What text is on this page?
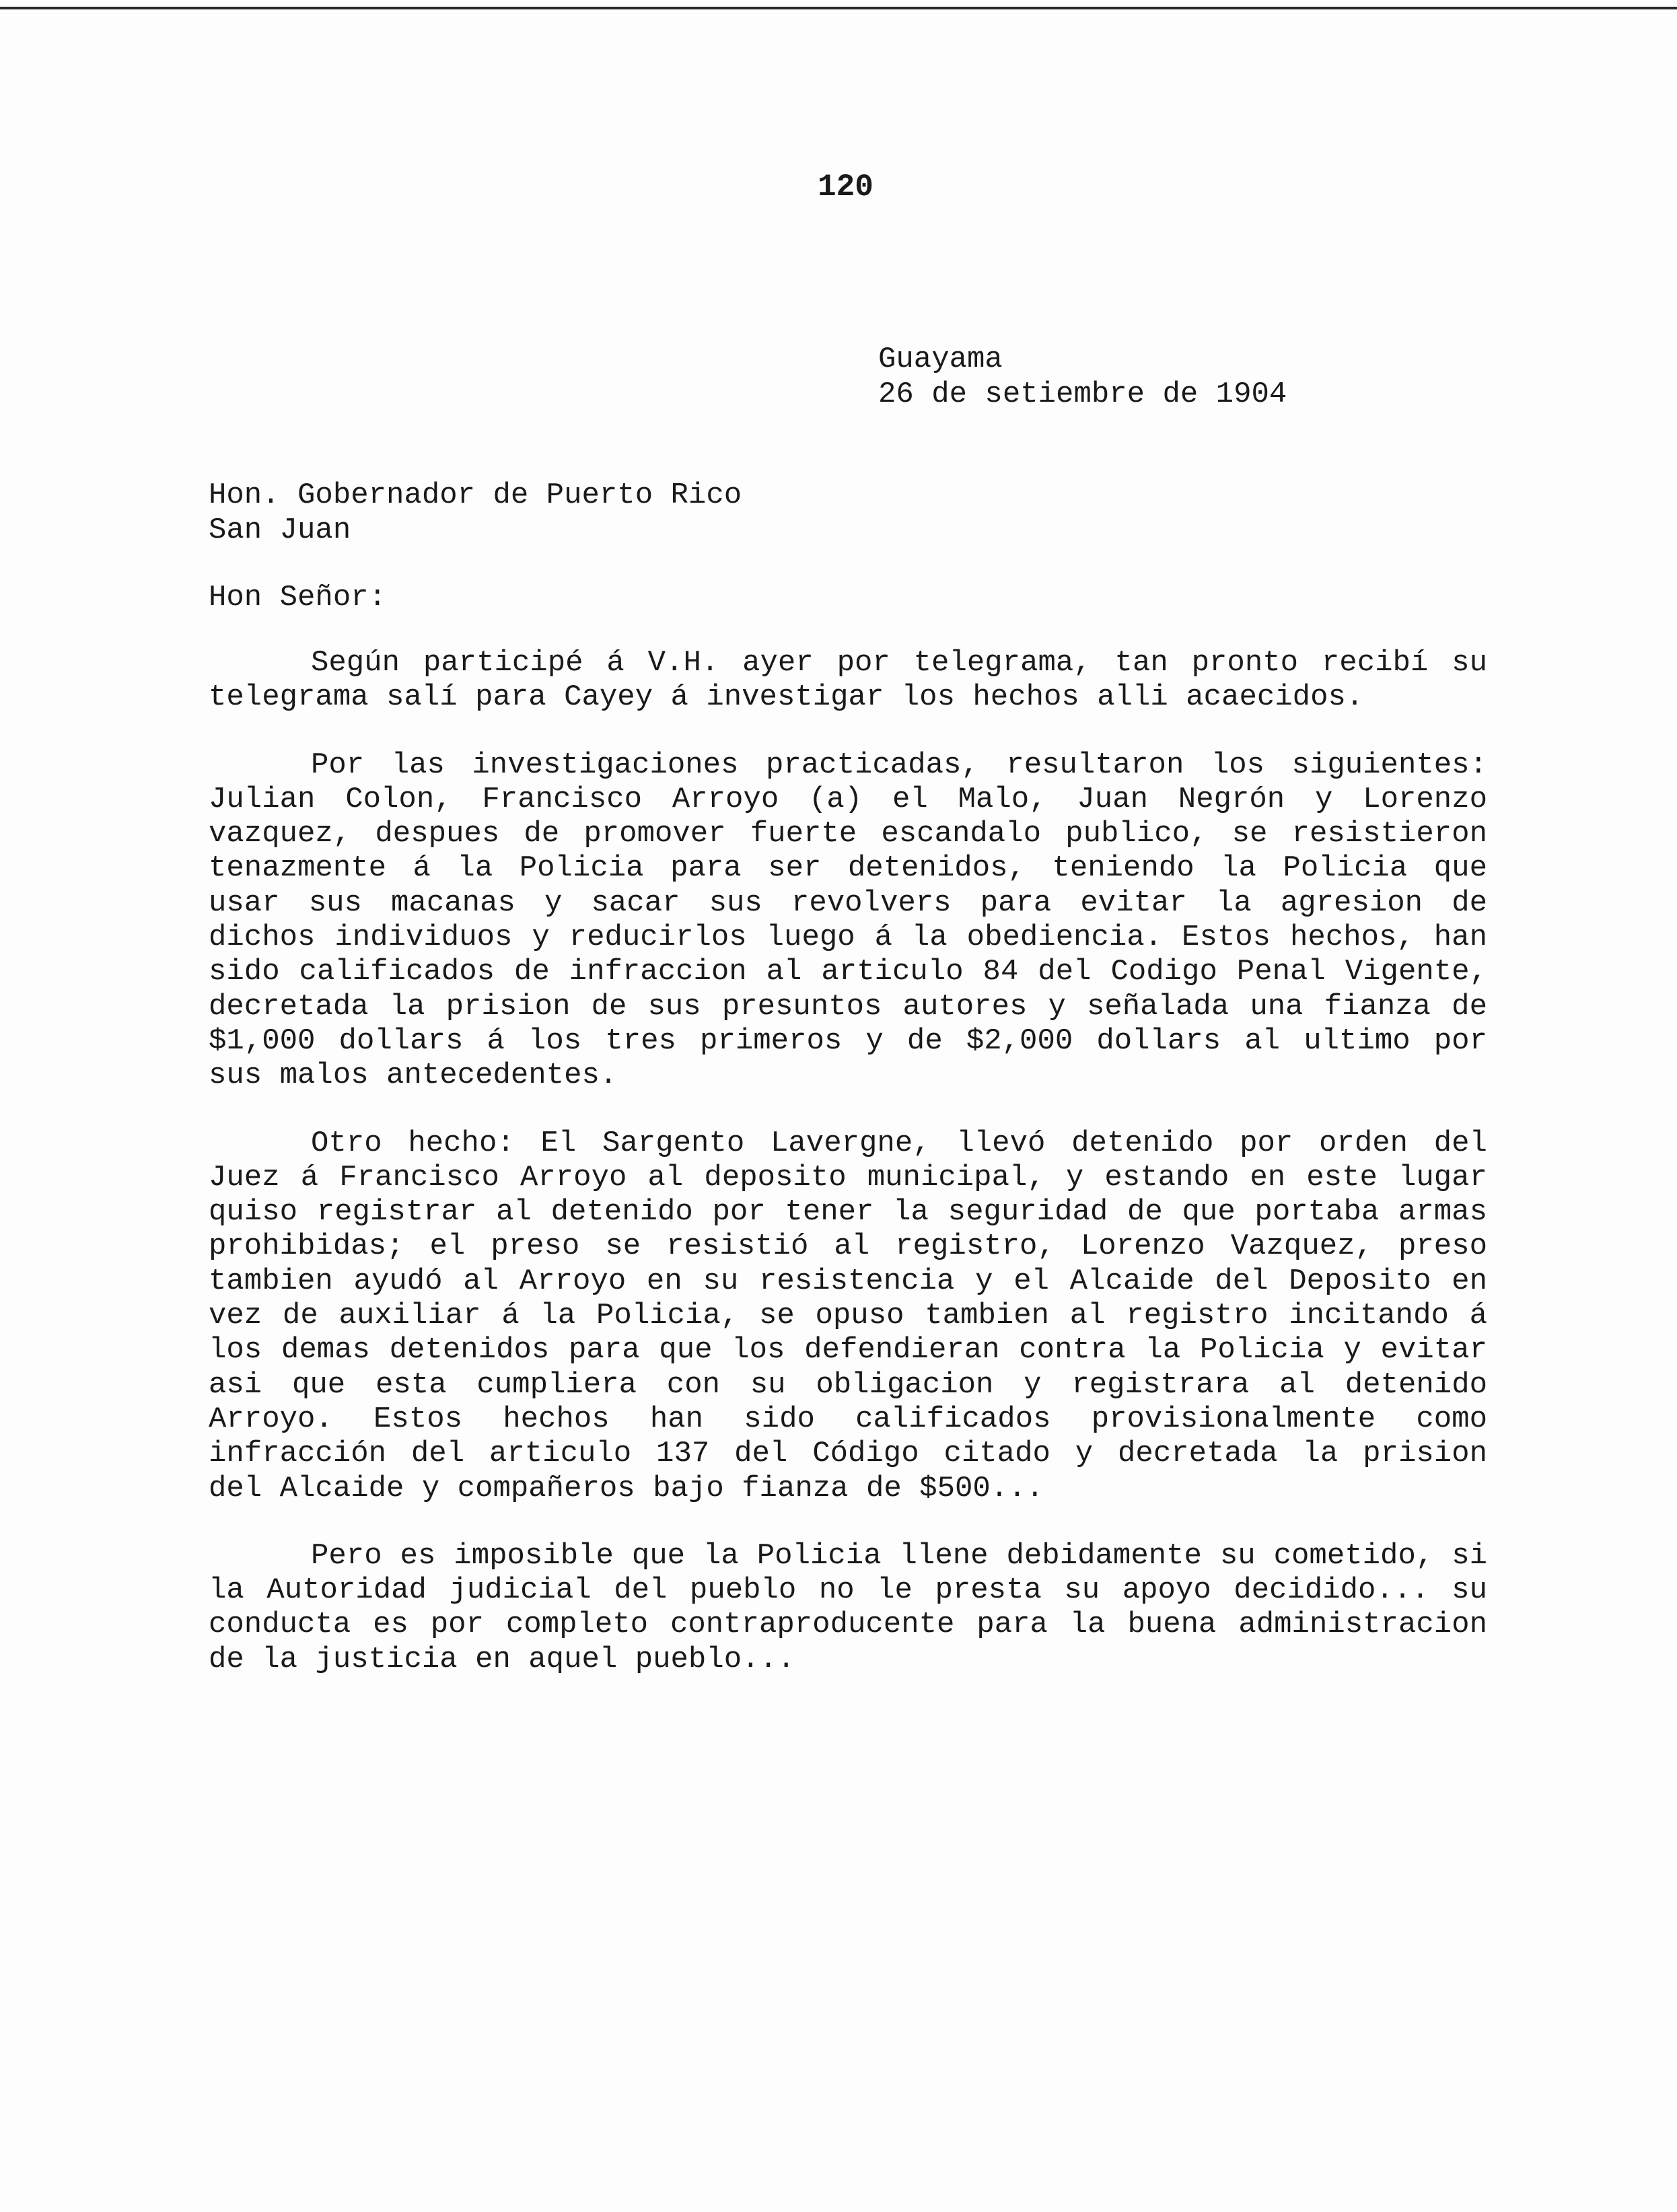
120
Guayama
26 de setiembre de 1904
Hon. Gobernador de Puerto Rico
San Juan
Hon Señor:

Según participé á V.H. ayer por telegrama, tan pronto recibí su telegrama salí para Cayey á investigar los hechos alli acaecidos.

Por las investigaciones practicadas, resultaron los siguientes: Julian Colon, Francisco Arroyo (a) el Malo, Juan Negrón y Lorenzo vazquez, despues de promover fuerte escandalo publico, se resistieron tenazmente á la Policia para ser detenidos, teniendo la Policia que usar sus macanas y sacar sus revolvers para evitar la agresion de dichos individuos y reducirlos luego á la obediencia. Estos hechos, han sido calificados de infraccion al articulo 84 del Codigo Penal Vigente, decretada la prision de sus presuntos autores y señalada una fianza de $1,000 dollars á los tres primeros y de $2,000 dollars al ultimo por sus malos antecedentes.

Otro hecho: El Sargento Lavergne, llevó detenido por orden del Juez á Francisco Arroyo al deposito municipal, y estando en este lugar quiso registrar al detenido por tener la seguridad de que portaba armas prohibidas; el preso se resistió al registro, Lorenzo Vazquez, preso tambien ayudó al Arroyo en su resistencia y el Alcaide del Deposito en vez de auxiliar á la Policia, se opuso tambien al registro incitando á los demas detenidos para que los defendieran contra la Policia y evitar asi que esta cumpliera con su obligacion y registrara al detenido Arroyo. Estos hechos han sido calificados provisionalmente como infracción del articulo 137 del Código citado y decretada la prision del Alcaide y compañeros bajo fianza de $500...

Pero es imposible que la Policia llene debidamente su cometido, si la Autoridad judicial del pueblo no le presta su apoyo decidido... su conducta es por completo contraproducente para la buena administracion de la justicia en aquel pueblo...
